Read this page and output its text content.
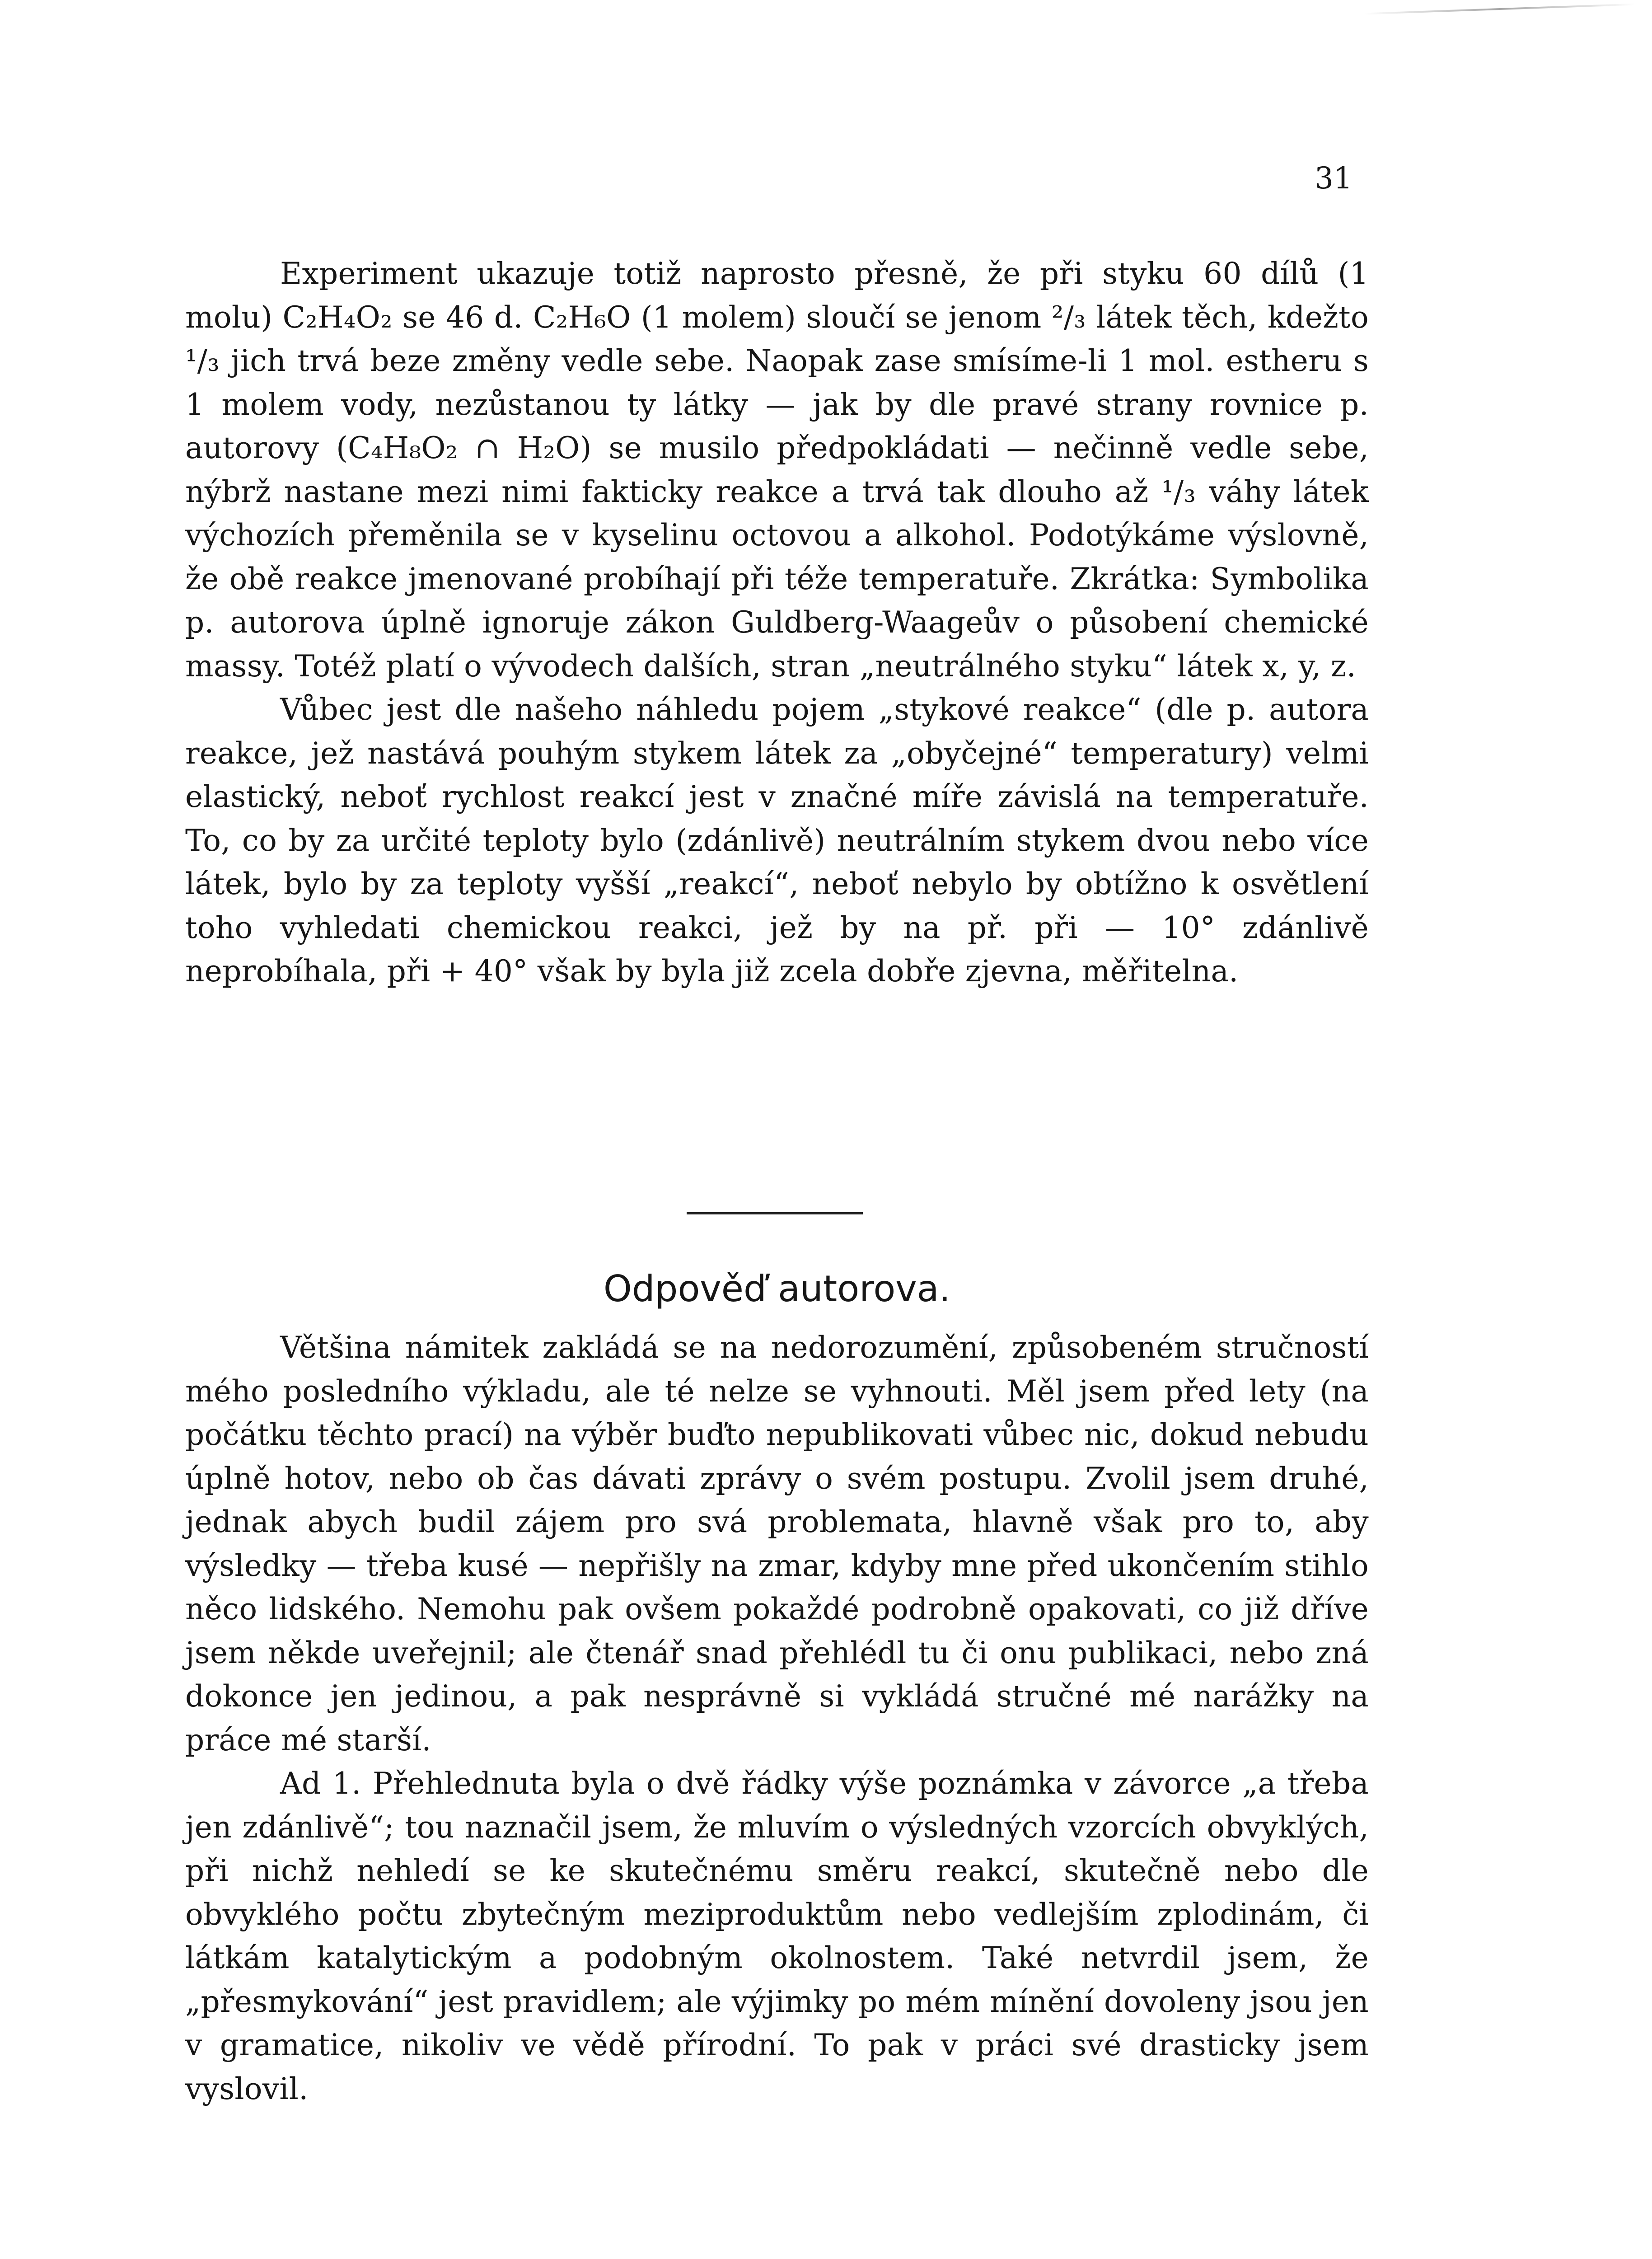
31

Experiment ukazuje totiž naprosto přesně, že při styku 60 dílů (1 molu) C₂H₄O₂ se 46 d. C₂H₆O (1 molem) sloučí se jenom ²/₃ látek těch, kdežto ¹/₃ jich trvá beze změny vedle sebe. Naopak zase smísíme-li 1 mol. estheru s 1 molem vody, nezůstanou ty látky — jak by dle pravé strany rovnice p. autorovy (C₄H₈O₂ ∩ H₂O) se musilo předpokládati — nečinně vedle sebe, nýbrž nastane mezi nimi fakticky reakce a trvá tak dlouho až ¹/₃ váhy látek výchozích přeměnila se v kyselinu octovou a alkohol. Podotýkáme výslovně, že obě reakce jmenované probíhají při téže temperatuře. Zkrátka: Symbolika p. autorova úplně ignoruje zákon Guldberg-Waageův o působení chemické massy. Totéž platí o vývodech dalších, stran „neutrálného styku“ látek x, y, z.

Vůbec jest dle našeho náhledu pojem „stykové reakce“ (dle p. autora reakce, jež nastává pouhým stykem látek za „obyčejné“ temperatury) velmi elastický, neboť rychlost reakcí jest v značné míře závislá na temperatuře. To, co by za určité teploty bylo (zdánlivě) neutrálním stykem dvou nebo více látek, bylo by za teploty vyšší „reakcí“, neboť nebylo by obtížno k osvětlení toho vyhledati chemickou reakci, jež by na př. při — 10° zdánlivě neprobíhala, při + 40° však by byla již zcela dobře zjevna, měřitelna.

Odpověď autorova.

Většina námitek zakládá se na nedorozumění, způsobeném stručností mého posledního výkladu, ale té nelze se vyhnouti. Měl jsem před lety (na počátku těchto prací) na výběr buďto nepublikovati vůbec nic, dokud nebudu úplně hotov, nebo ob čas dávati zprávy o svém postupu. Zvolil jsem druhé, jednak abych budil zájem pro svá problemata, hlavně však pro to, aby výsledky — třeba kusé — nepřišly na zmar, kdyby mne před ukončením stihlo něco lidského. Nemohu pak ovšem pokaždé podrobně opakovati, co již dříve jsem někde uveřejnil; ale čtenář snad přehlédl tu či onu publikaci, nebo zná dokonce jen jedinou, a pak nesprávně si vykládá stručné mé narážky na práce mé starší.

Ad 1. Přehlednuta byla o dvě řádky výše poznámka v závorce „a třeba jen zdánlivě“; tou naznačil jsem, že mluvím o výsledných vzorcích obvyklých, při nichž nehledí se ke skutečnému směru reakcí, skutečně nebo dle obvyklého počtu zbytečným meziproduktům nebo vedlejším zplodinám, či látkám katalytickým a podobným okolnostem. Také netvrdil jsem, že „přesmykování“ jest pravidlem; ale výjimky po mém mínění dovoleny jsou jen v gramatice, nikoliv ve vědě přírodní. To pak v práci své drasticky jsem vyslovil.
